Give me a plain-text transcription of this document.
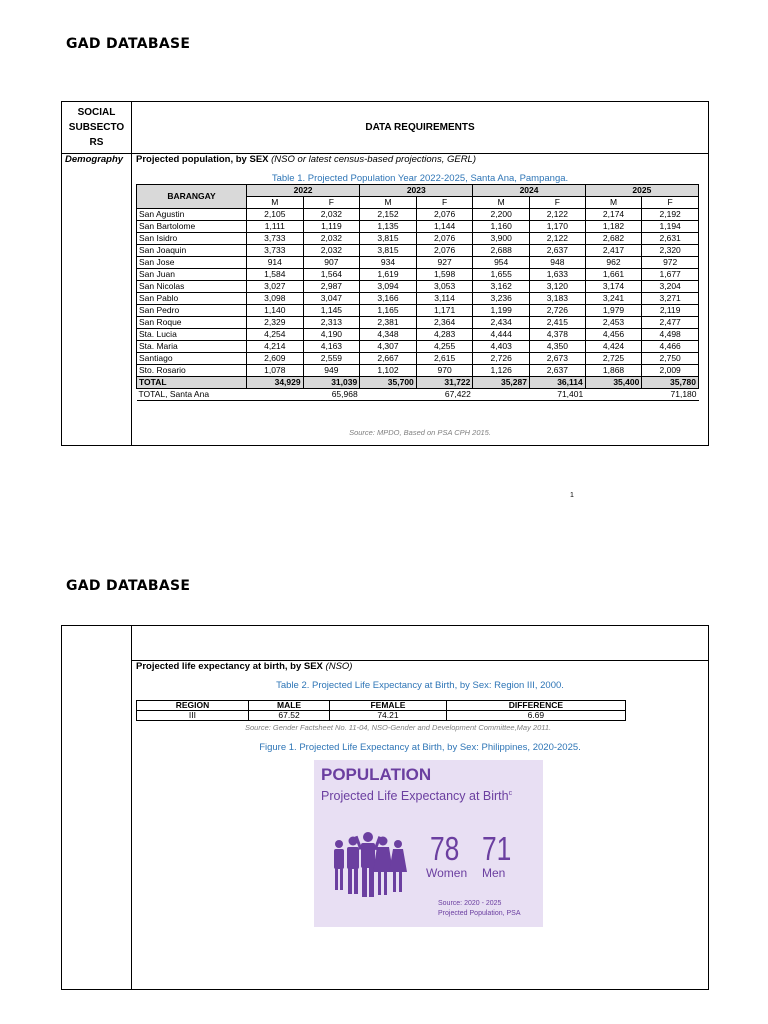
GAD DATABASE
SOCIAL SUBSECTO RS
DATA REQUIREMENTS
Demography Projected population, by SEX (NSO or latest census-based projections, GERL)
Table 1. Projected Population Year 2022-2025, Santa Ana, Pampanga.
BARANGAY	2022		2023		2024		2025	
	M	F	M	F	M	F	M	F
San Agustin	2,105	2,032	2,152	2,076	2,200	2,122	2,174	2,192
San Bartolome	1,111	1,119	1,135	1,144	1,160	1,170	1,182	1,194
San Isidro	3,733	2,032	3,815	2,076	3,900	2,122	2,682	2,631
San Joaquin	3,733	2,032	3,815	2,076	2,688	2,637	2,417	2,320
San Jose	914	907	934	927	954	948	962	972
San Juan	1,584	1,564	1,619	1,598	1,655	1,633	1,661	1,677
San Nicolas	3,027	2,987	3,094	3,053	3,162	3,120	3,174	3,204
San Pablo	3,098	3,047	3,166	3,114	3,236	3,183	3,241	3,271
San Pedro	1,140	1,145	1,165	1,171	1,199	2,726	1,979	2,119
San Roque	2,329	2,313	2,381	2,364	2,434	2,415	2,453	2,477
Sta. Lucia	4,254	4,190	4,348	4,283	4,444	4,378	4,456	4,498
Sta. Maria	4,214	4,163	4,307	4,255	4,403	4,350	4,424	4,466
Santiago	2,609	2,559	2,667	2,615	2,726	2,673	2,725	2,750
Sto. Rosario	1,078	949	1,102	970	1,126	2,637	1,868	2,009
TOTAL	34,929	31,039	35,700	31,722	35,287	36,114	35,400	35,780
TOTAL, Santa Ana	65,968		67,422		71,401		71,180	
Source: MPDO, Based on PSA CPH 2015.
1
GAD DATABASE
Projected life expectancy at birth, by SEX (NSO)
Table 2. Projected Life Expectancy at Birth, by Sex: Region III, 2000.
REGION	MALE	FEMALE	DIFFERENCE
III	67.52	74.21	6.69
Source: Gender Factsheet No. 11-04, NSO-Gender and Development Committee,May 2011.
Figure 1. Projected Life Expectancy at Birth, by Sex: Philippines, 2020-2025.
POPULATION
Projected Life Expectancy at Birth$^c$
78
Women
71
Men
Source: 2020 - 2025
Projected Population, PSA
